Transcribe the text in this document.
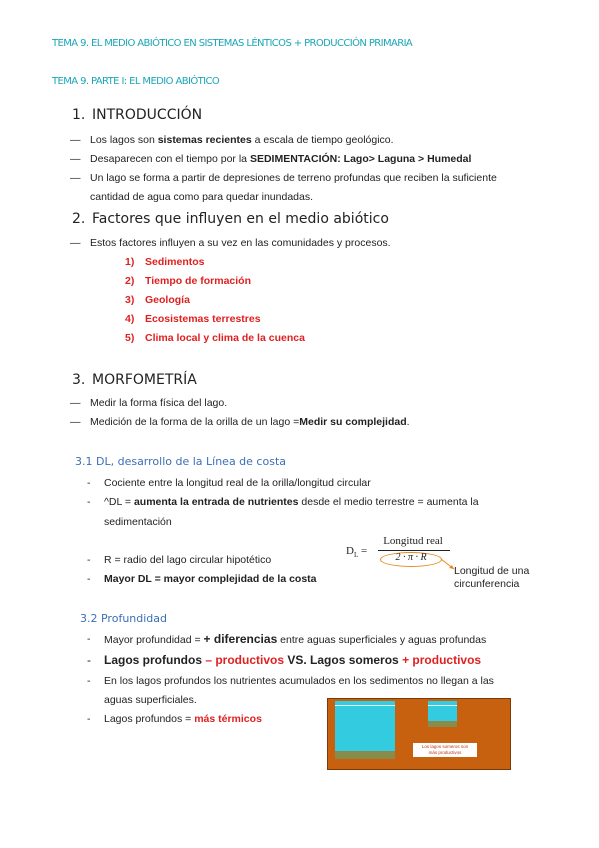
TEMA 9. EL MEDIO ABIÓTICO EN SISTEMAS LÉNTICOS + PRODUCCIÓN PRIMARIA
TEMA 9. PARTE I: EL MEDIO ABIÓTICO
1. INTRODUCCIÓN
— Los lagos son sistemas recientes a escala de tiempo geológico.
— Desaparecen con el tiempo por la SEDIMENTACIÓN: Lago> Laguna > Humedal
— Un lago se forma a partir de depresiones de terreno profundas que reciben la suficiente
cantidad de agua como para quedar inundadas.
2. Factores que influyen en el medio abiótico
— Estos factores influyen a su vez en las comunidades y procesos.
1) Sedimentos
2) Tiempo de formación
3) Geología
4) Ecosistemas terrestres
5) Clima local y clima de la cuenca
3. MORFOMETRÍA
— Medir la forma física del lago.
— Medición de la forma de la orilla de un lago =Medir su complejidad.
3.1 DL, desarrollo de la Línea de costa
- Cociente entre la longitud real de la orilla/longitud circular
- ^DL = aumenta la entrada de nutrientes desde el medio terrestre = aumenta la
sedimentación
- R = radio del lago circular hipotético
- Mayor DL = mayor complejidad de la costa
$D_L$ =
Longitud real
2 · π · R
Longitud de una
circunferencia
3.2 Profundidad
- Mayor profundidad = + diferencias entre aguas superficiales y aguas profundas
- Lagos profundos – productivos VS. Lagos someros + productivos
- En los lagos profundos los nutrientes acumulados en los sedimentos no llegan a las
aguas superficiales.
- Lagos profundos = más térmicos
Los lagos someros son
más productivos
